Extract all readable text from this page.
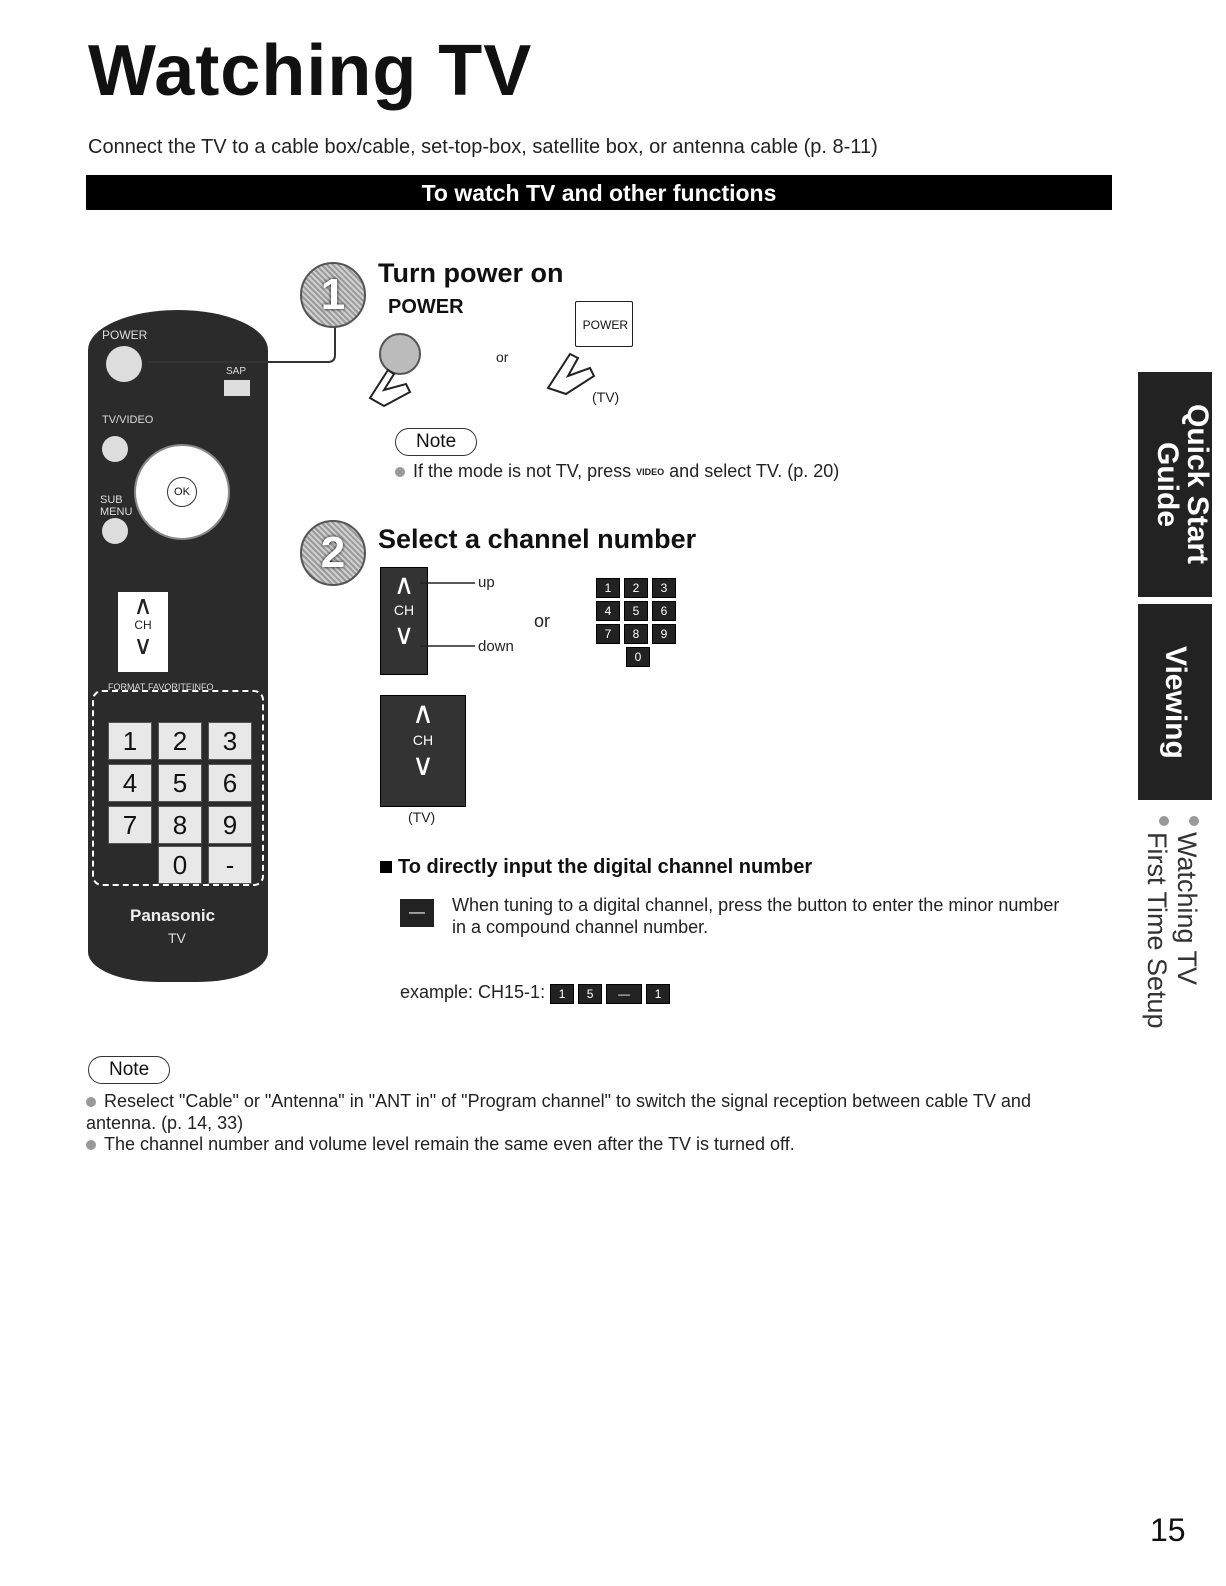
Watching TV
Connect the TV to a cable box/cable, set-top-box, satellite box, or antenna cable (p. 8-11)
To watch TV and other functions
POWER
SAP
TV/VIDEO
OK
SUB MENU
∧
CH
∨
FORMAT FAVORITE INFO
1	2	3
4	5	6
7	8	9
0	-
Panasonic
TV
1	Turn power on
POWER
or
POWER
(TV)
Note
If the mode is not TV, press VIDEO and select TV. (p. 20)
2	Select a channel number
∧
CH
∨
up
down
or
1 2 3
4 5 6
7 8 9
0
∧
CH
∨
(TV)
To directly input the digital channel number
—	When tuning to a digital channel, press the button to enter the minor number in a compound channel number.
example: CH15-1: 1 5 — 1
Note
Reselect "Cable" or "Antenna" in "ANT in" of "Program channel" to switch the signal reception between cable TV and antenna. (p. 14, 33)
The channel number and volume level remain the same even after the TV is turned off.
Quick Start Guide
Viewing
Watching TV
First Time Setup
15
